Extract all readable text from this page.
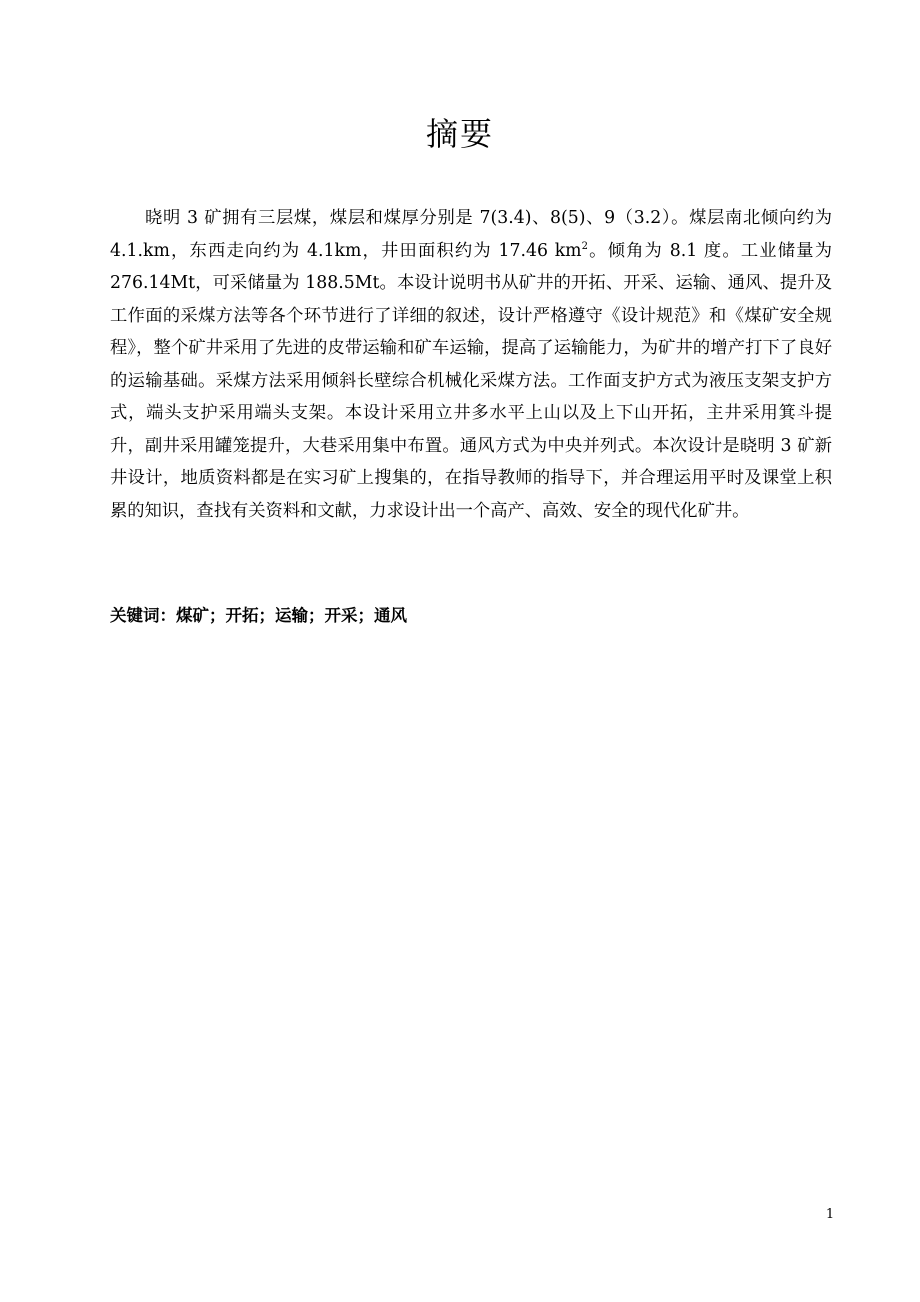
摘要

晓明 3 矿拥有三层煤，煤层和煤厚分别是 7(3.4)、8(5)、9（3.2）。煤层南北倾向约为 4.1.km，东西走向约为 4.1km，井田面积约为 17.46 $km^2$。倾角为 8.1 度。工业储量为 276.14Mt，可采储量为 188.5Mt。本设计说明书从矿井的开拓、开采、运输、通风、提升及工作面的采煤方法等各个环节进行了详细的叙述，设计严格遵守《设计规范》和《煤矿安全规程》，整个矿井采用了先进的皮带运输和矿车运输，提高了运输能力，为矿井的增产打下了良好的运输基础。采煤方法采用倾斜长壁综合机械化采煤方法。工作面支护方式为液压支架支护方式，端头支护采用端头支架。本设计采用立井多水平上山以及上下山开拓，主井采用箕斗提升，副井采用罐笼提升，大巷采用集中布置。通风方式为中央并列式。本次设计是晓明 3 矿新井设计，地质资料都是在实习矿上搜集的，在指导教师的指导下，并合理运用平时及课堂上积累的知识，查找有关资料和文献，力求设计出一个高产、高效、安全的现代化矿井。

关键词：煤矿；开拓；运输；开采；通风

1
